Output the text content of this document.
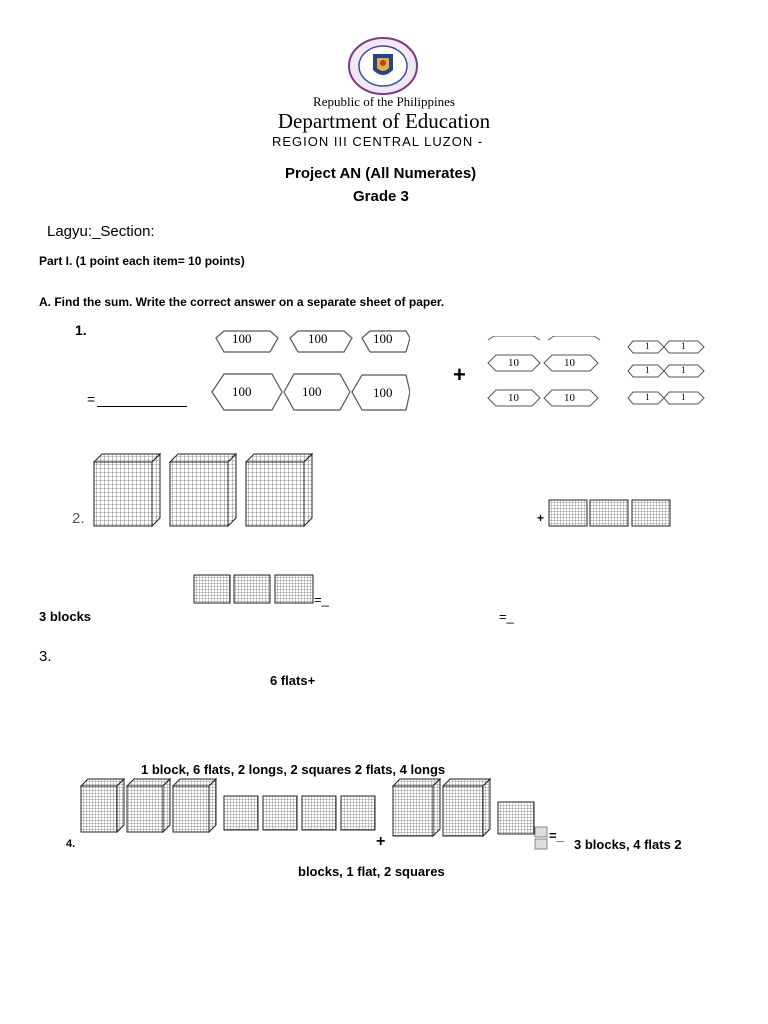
Republic of the Philippines
Department of Education
REGION III CENTRAL LUZON -
Project AN (All Numerates)
Grade 3
Lagyu:_Section:
Part I. (1 point each item= 10 points)
A. Find the sum. Write the correct answer on a separate sheet of paper.
1.
=
100	100	100
100	100	100
+	10	10
10	10
1	1
1	1
1	1
2.	+
=_
3 blocks	=_
3.
6 flats+
1 block, 6 flats, 2 longs, 2 squares 2 flats, 4 longs
4.	+	=_
3 blocks, 4 flats 2
blocks, 1 flat, 2 squares
